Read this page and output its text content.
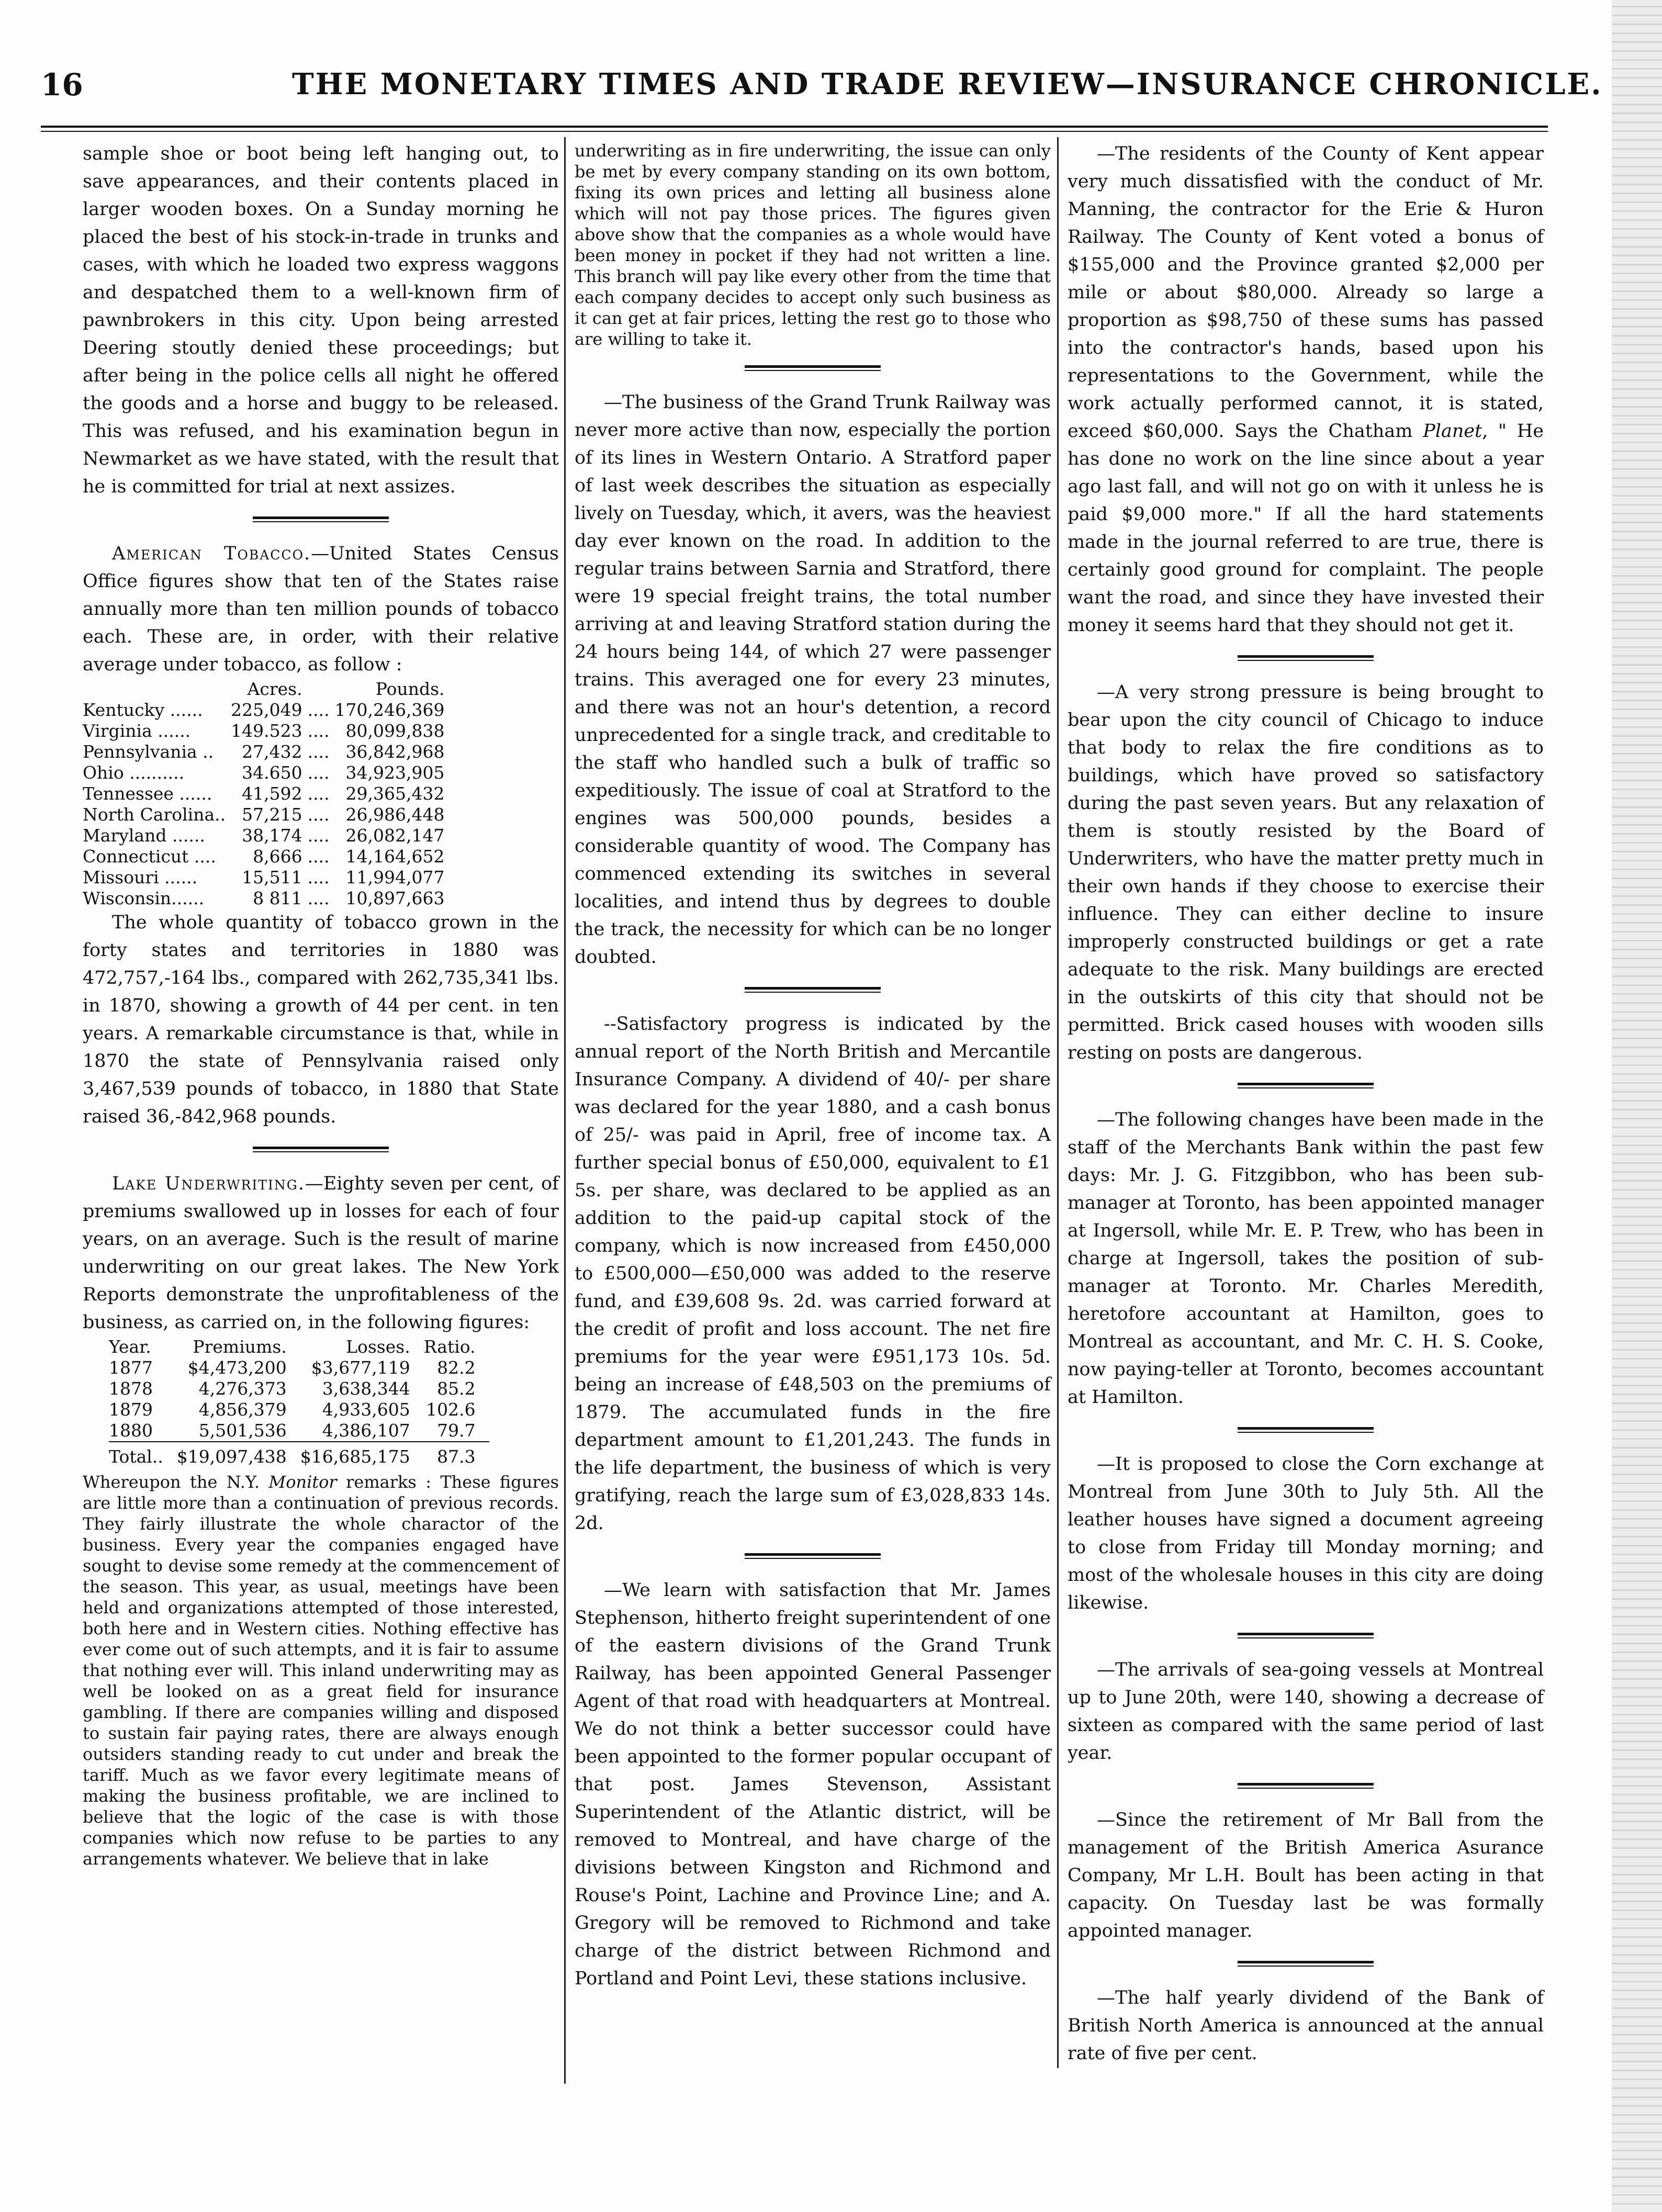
16	THE MONETARY TIMES AND TRADE REVIEW—INSURANCE CHRONICLE.

sample shoe or boot being left hanging out, to save appearances, and their contents placed in larger wooden boxes. On a Sunday morning he placed the best of his stock-in-trade in trunks and cases, with which he loaded two express waggons and despatched them to a well-known firm of pawnbrokers in this city. Upon being arrested Deering stoutly denied these proceedings; but after being in the police cells all night he offered the goods and a horse and buggy to be released. This was refused, and his examination begun in Newmarket as we have stated, with the result that he is committed for trial at next assizes.

American Tobacco.—United States Census Office figures show that ten of the States raise annually more than ten million pounds of tobacco each. These are, in order, with their relative average under tobacco, as follow :

	Acres.		Pounds.
Kentucky ......	225,049	....	170,246,369
Virginia ......	149.523	....	80,099,838
Pennsylvania ..	27,432	....	36,842,968
Ohio ..........	34.650	....	34,923,905
Tennessee ......	41,592	....	29,365,432
North Carolina..	57,215	....	26,986,448
Maryland ......	38,174	....	26,082,147
Connecticut ....	8,666	....	14,164,652
Missouri ......	15,511	....	11,994,077
Wisconsin......	8 811	....	10,897,663

The whole quantity of tobacco grown in the forty states and territories in 1880 was 472,757,-164 lbs., compared with 262,735,341 lbs. in 1870, showing a growth of 44 per cent. in ten years. A remarkable circumstance is that, while in 1870 the state of Pennsylvania raised only 3,467,539 pounds of tobacco, in 1880 that State raised 36,-842,968 pounds.

Lake Underwriting.—Eighty seven per cent, of premiums swallowed up in losses for each of four years, on an average. Such is the result of marine underwriting on our great lakes. The New York Reports demonstrate the unprofitableness of the business, as carried on, in the following figures:

Year.	Premiums.	Losses.	Ratio.
1877	$4,473,200	$3,677,119	82.2
1878	4,276,373	3,638,344	85.2
1879	4,856,379	4,933,605	102.6
1880	5,501,536	4,386,107	79.7
Total..	$19,097,438	$16,685,175	87.3

Whereupon the N.Y. Monitor remarks : These figures are little more than a continuation of previous records. They fairly illustrate the whole charactor of the business. Every year the companies engaged have sought to devise some remedy at the commencement of the season. This year, as usual, meetings have been held and organizations attempted of those interested, both here and in Western cities. Nothing effective has ever come out of such attempts, and it is fair to assume that nothing ever will. This inland underwriting may as well be looked on as a great field for insurance gambling. If there are companies willing and disposed to sustain fair paying rates, there are always enough outsiders standing ready to cut under and break the tariff. Much as we favor every legitimate means of making the business profitable, we are inclined to believe that the logic of the case is with those companies which now refuse to be parties to any arrangements whatever. We believe that in lake

underwriting as in fire underwriting, the issue can only be met by every company standing on its own bottom, fixing its own prices and letting all business alone which will not pay those prices. The figures given above show that the companies as a whole would have been money in pocket if they had not written a line. This branch will pay like every other from the time that each company decides to accept only such business as it can get at fair prices, letting the rest go to those who are willing to take it.

—The business of the Grand Trunk Railway was never more active than now, especially the portion of its lines in Western Ontario. A Stratford paper of last week describes the situation as especially lively on Tuesday, which, it avers, was the heaviest day ever known on the road. In addition to the regular trains between Sarnia and Stratford, there were 19 special freight trains, the total number arriving at and leaving Stratford station during the 24 hours being 144, of which 27 were passenger trains. This averaged one for every 23 minutes, and there was not an hour's detention, a record unprecedented for a single track, and creditable to the staff who handled such a bulk of traffic so expeditiously. The issue of coal at Stratford to the engines was 500,000 pounds, besides a considerable quantity of wood. The Company has commenced extending its switches in several localities, and intend thus by degrees to double the track, the necessity for which can be no longer doubted.

--Satisfactory progress is indicated by the annual report of the North British and Mercantile Insurance Company. A dividend of 40/- per share was declared for the year 1880, and a cash bonus of 25/- was paid in April, free of income tax. A further special bonus of £50,000, equivalent to £1 5s. per share, was declared to be applied as an addition to the paid-up capital stock of the company, which is now increased from £450,000 to £500,000—£50,000 was added to the reserve fund, and £39,608 9s. 2d. was carried forward at the credit of profit and loss account. The net fire premiums for the year were £951,173 10s. 5d. being an increase of £48,503 on the premiums of 1879. The accumulated funds in the fire department amount to £1,201,243. The funds in the life department, the business of which is very gratifying, reach the large sum of £3,028,833 14s. 2d.

—We learn with satisfaction that Mr. James Stephenson, hitherto freight superintendent of one of the eastern divisions of the Grand Trunk Railway, has been appointed General Passenger Agent of that road with headquarters at Montreal. We do not think a better successor could have been appointed to the former popular occupant of that post. James Stevenson, Assistant Superintendent of the Atlantic district, will be removed to Montreal, and have charge of the divisions between Kingston and Richmond and Rouse's Point, Lachine and Province Line; and A. Gregory will be removed to Richmond and take charge of the district between Richmond and Portland and Point Levi, these stations inclusive.

—The residents of the County of Kent appear very much dissatisfied with the conduct of Mr. Manning, the contractor for the Erie & Huron Railway. The County of Kent voted a bonus of $155,000 and the Province granted $2,000 per mile or about $80,000. Already so large a proportion as $98,750 of these sums has passed into the contractor's hands, based upon his representations to the Government, while the work actually performed cannot, it is stated, exceed $60,000. Says the Chatham Planet, " He has done no work on the line since about a year ago last fall, and will not go on with it unless he is paid $9,000 more." If all the hard statements made in the journal referred to are true, there is certainly good ground for complaint. The people want the road, and since they have invested their money it seems hard that they should not get it.

—A very strong pressure is being brought to bear upon the city council of Chicago to induce that body to relax the fire conditions as to buildings, which have proved so satisfactory during the past seven years. But any relaxation of them is stoutly resisted by the Board of Underwriters, who have the matter pretty much in their own hands if they choose to exercise their influence. They can either decline to insure improperly constructed buildings or get a rate adequate to the risk. Many buildings are erected in the outskirts of this city that should not be permitted. Brick cased houses with wooden sills resting on posts are dangerous.

—The following changes have been made in the staff of the Merchants Bank within the past few days: Mr. J. G. Fitzgibbon, who has been sub-manager at Toronto, has been appointed manager at Ingersoll, while Mr. E. P. Trew, who has been in charge at Ingersoll, takes the position of sub-manager at Toronto. Mr. Charles Meredith, heretofore accountant at Hamilton, goes to Montreal as accountant, and Mr. C. H. S. Cooke, now paying-teller at Toronto, becomes accountant at Hamilton.

—It is proposed to close the Corn exchange at Montreal from June 30th to July 5th. All the leather houses have signed a document agreeing to close from Friday till Monday morning; and most of the wholesale houses in this city are doing likewise.

—The arrivals of sea-going vessels at Montreal up to June 20th, were 140, showing a decrease of sixteen as compared with the same period of last year.

—Since the retirement of Mr Ball from the management of the British America Asurance Company, Mr L.H. Boult has been acting in that capacity. On Tuesday last be was formally appointed manager.

—The half yearly dividend of the Bank of British North America is announced at the annual rate of five per cent.
